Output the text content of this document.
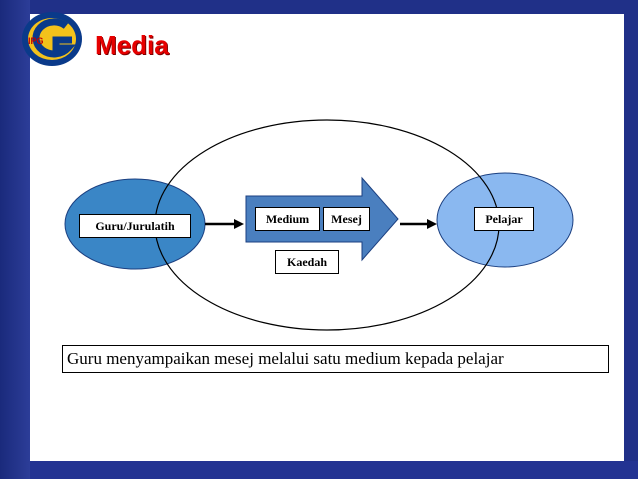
IPG Media
Guru/Jurulatih	Medium	Mesej
Kaedah
Pelajar
Guru menyampaikan mesej melalui satu medium kepada pelajar
